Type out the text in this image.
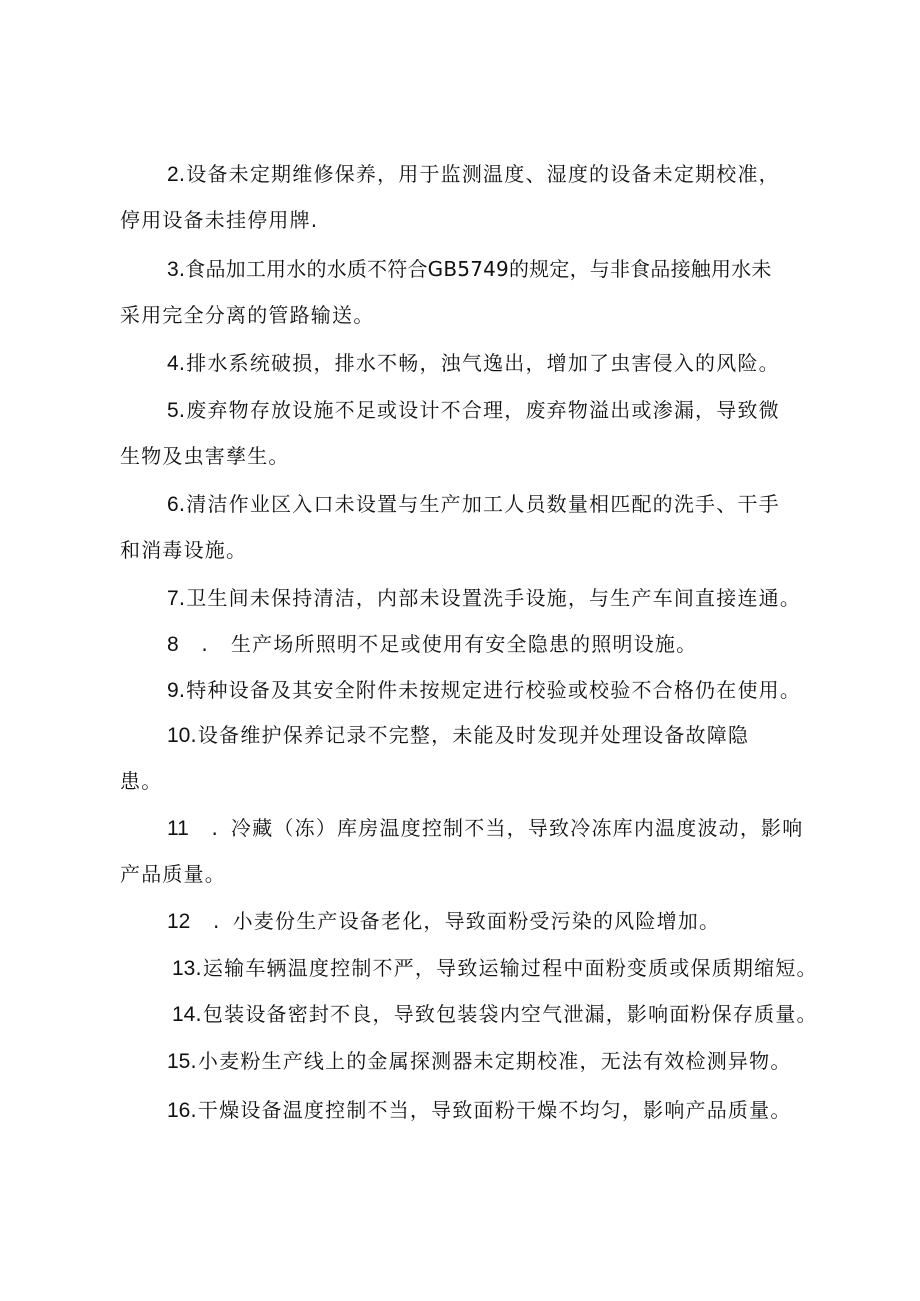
2.设备未定期维修保养，用于监测温度、湿度的设备未定期校准，
停用设备未挂停用牌.
3.食品加工用水的水质不符合GB5749的规定，与非食品接触用水未
采用完全分离的管路输送。
4.排水系统破损，排水不畅，浊气逸出，增加了虫害侵入的风险。
5.废弃物存放设施不足或设计不合理，废弃物溢出或渗漏，导致微
生物及虫害孳生。
6.清洁作业区入口未设置与生产加工人员数量相匹配的洗手、干手
和消毒设施。
7.卫生间未保持清洁，内部未设置洗手设施，与生产车间直接连通。
8   . 生产场所照明不足或使用有安全隐患的照明设施。
9.特种设备及其安全附件未按规定进行校验或校验不合格仍在使用。
10.设备维护保养记录不完整，未能及时发现并处理设备故障隐
患。
11   . 冷藏（冻）库房温度控制不当，导致冷冻库内温度波动，影响
产品质量。
12   . 小麦份生产设备老化，导致面粉受污染的风险增加。
13.运输车辆温度控制不严，导致运输过程中面粉变质或保质期缩短。
14.包装设备密封不良，导致包装袋内空气泄漏，影响面粉保存质量。
15.小麦粉生产线上的金属探测器未定期校准，无法有效检测异物。
16.干燥设备温度控制不当，导致面粉干燥不均匀，影响产品质量。
